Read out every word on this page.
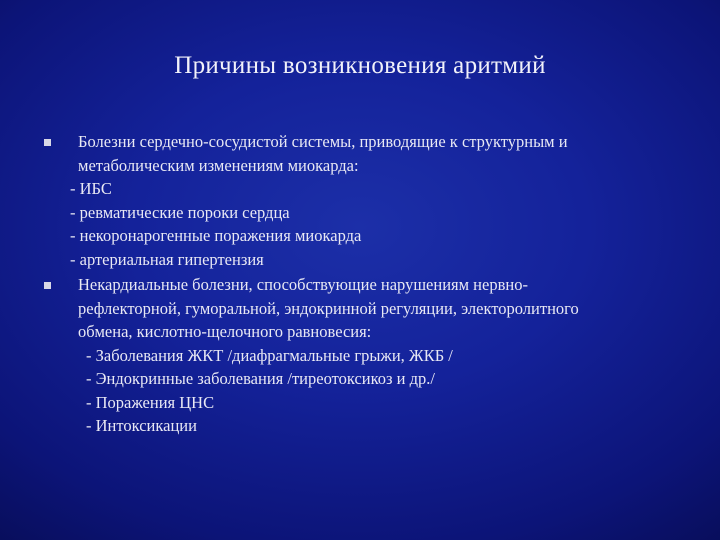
Причины возникновения аритмий
Болезни сердечно-сосудистой системы, приводящие к структурным и
метаболическим изменениям миокарда:
- ИБС
- ревматические пороки сердца
- некоронарогенные поражения миокарда
- артериальная гипертензия
Некардиальные болезни, способствующие нарушениям нервно-
рефлекторной, гуморальной, эндокринной регуляции, электоролитного
обмена, кислотно-щелочного равновесия:
- Заболевания ЖКТ /диафрагмальные грыжи, ЖКБ /
- Эндокринные заболевания /тиреотоксикоз и др./
- Поражения ЦНС
- Интоксикации
